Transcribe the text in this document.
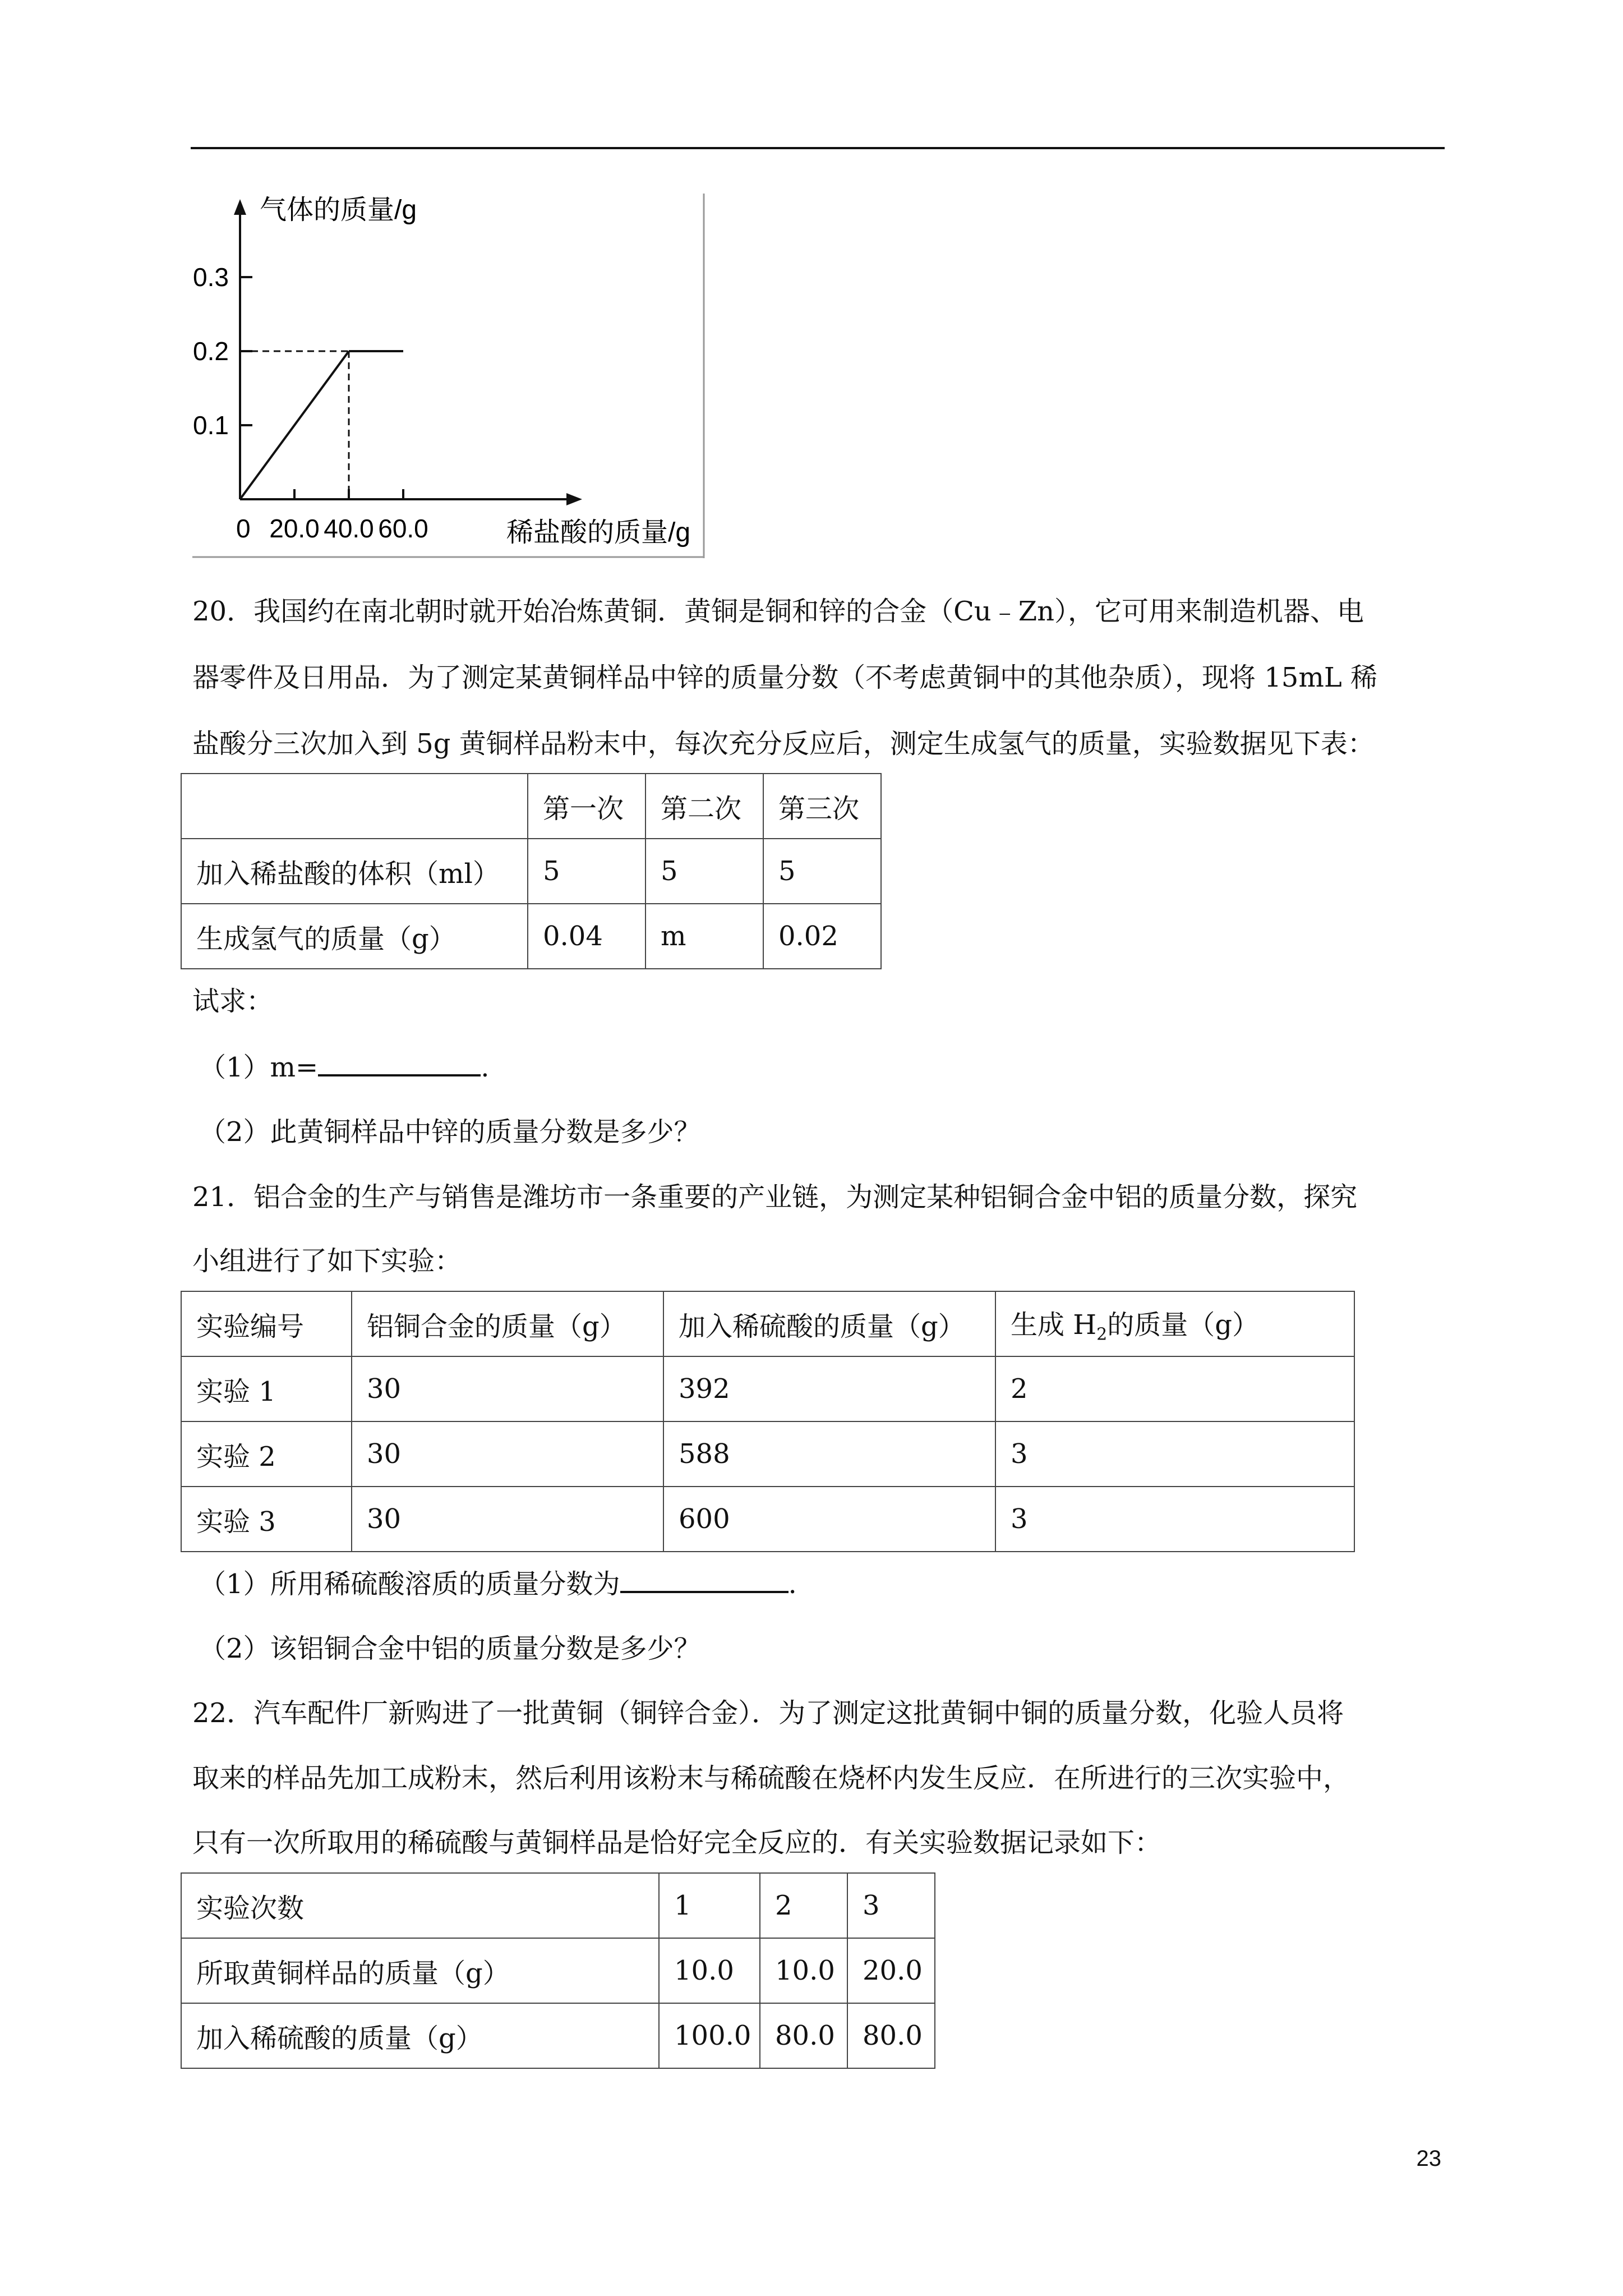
气体的质量/g
稀盐酸的质量/g
0.1
0.2
0.3
0 20.0 40.0 60.0
20．我国约在南北朝时就开始冶炼黄铜．黄铜是铜和锌的合金（Cu﹣Zn），它可用来制造机器、电
器零件及日用品．为了测定某黄铜样品中锌的质量分数（不考虑黄铜中的其他杂质），现将 15mL 稀
盐酸分三次加入到 5g 黄铜样品粉末中，每次充分反应后，测定生成氢气的质量，实验数据见下表：
	第一次	第二次	第三次
加入稀盐酸的体积（ml）	5	5	5
生成氢气的质量（g）	0.04	m	0.02
试求：
（1）m=	.
（2）此黄铜样品中锌的质量分数是多少？
21．铝合金的生产与销售是潍坊市一条重要的产业链，为测定某种铝铜合金中铝的质量分数，探究
小组进行了如下实验：
实验编号	铝铜合金的质量（g）	加入稀硫酸的质量（g）	生成 $H_2$的质量（g）
实验 1	30	392	2
实验 2	30	588	3
实验 3	30	600	3
（1）所用稀硫酸溶质的质量分数为	.
（2）该铝铜合金中铝的质量分数是多少？
22．汽车配件厂新购进了一批黄铜（铜锌合金）．为了测定这批黄铜中铜的质量分数，化验人员将
取来的样品先加工成粉末，然后利用该粉末与稀硫酸在烧杯内发生反应．在所进行的三次实验中，
只有一次所取用的稀硫酸与黄铜样品是恰好完全反应的．有关实验数据记录如下：
实验次数	1	2	3
所取黄铜样品的质量（g）	10.0	10.0	20.0
加入稀硫酸的质量（g）	100.0	80.0	80.0
23
